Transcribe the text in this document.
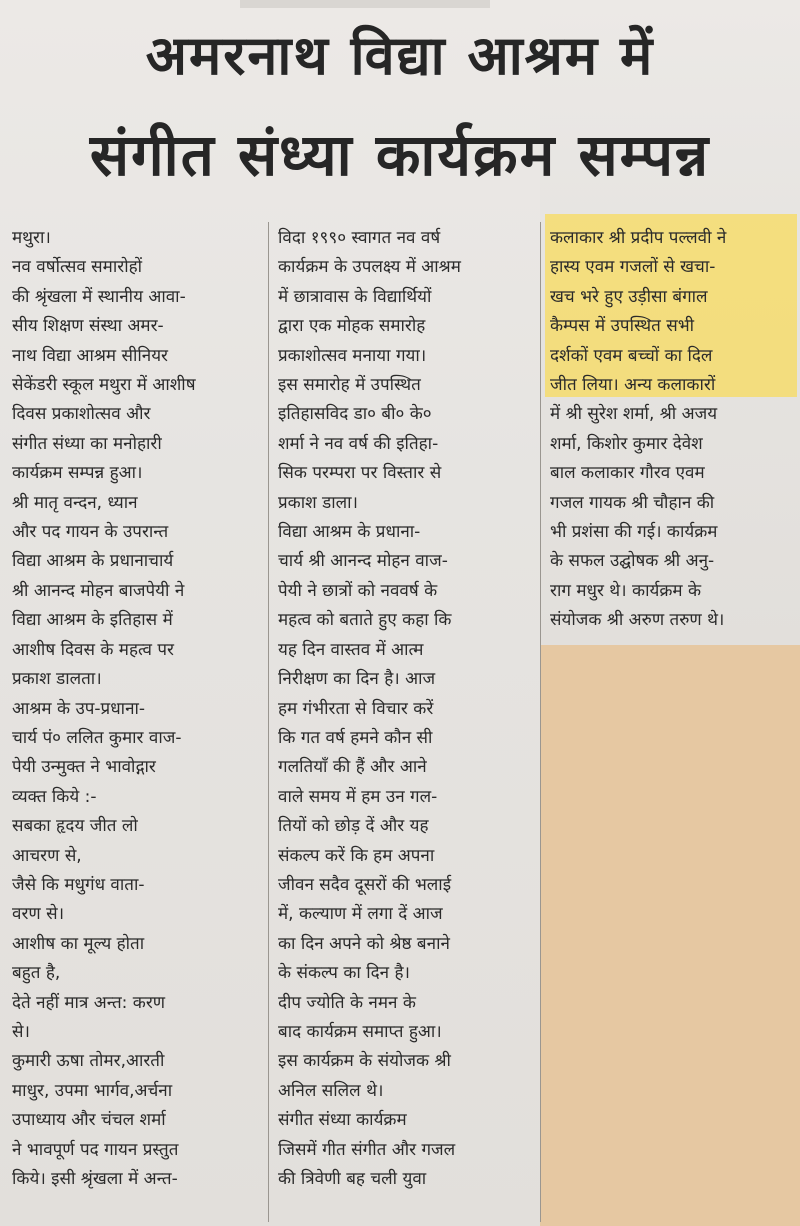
अमरनाथ विद्या आश्रम में
संगीत संध्या कार्यक्रम सम्पन्न

मथुरा।

नव वर्षोत्सव समारोहों

की श्रृंखला में स्थानीय आवा-

सीय शिक्षण संस्था अमर-

नाथ विद्या आश्रम सीनियर

सेकेंडरी स्कूल मथुरा में आशीष

दिवस प्रकाशोत्सव और

संगीत संध्या का मनोहारी

कार्यक्रम सम्पन्न हुआ।

श्री मातृ वन्दन, ध्यान

और पद गायन के उपरान्त

विद्या आश्रम के प्रधानाचार्य

श्री आनन्द मोहन बाजपेयी ने

विद्या आश्रम के इतिहास में

आशीष दिवस के महत्व पर

प्रकाश डालता।

आश्रम के उप-प्रधाना-

चार्य पं० ललित कुमार वाज-

पेयी उन्मुक्त ने भावोद्गार

व्यक्त किये :-

सबका हृदय जीत लो

आचरण से,

जैसे कि मधुगंध वाता-

वरण से।

आशीष का मूल्य होता

बहुत है,

देते नहीं मात्र अन्त: करण

से।

कुमारी ऊषा तोमर,आरती

माधुर, उपमा भार्गव,अर्चना

उपाध्याय और चंचल शर्मा

ने भावपूर्ण पद गायन प्रस्तुत

किये। इसी श्रृंखला में अन्त-

विदा १९९० स्वागत नव वर्ष

कार्यक्रम के उपलक्ष्य में आश्रम

में छात्रावास के विद्यार्थियों

द्वारा एक मोहक समारोह

प्रकाशोत्सव मनाया गया।

इस समारोह में उपस्थित

इतिहासविद डा० बी० के०

शर्मा ने नव वर्ष की इतिहा-

सिक परम्परा पर विस्तार से

प्रकाश डाला।

विद्या आश्रम के प्रधाना-

चार्य श्री आनन्द मोहन वाज-

पेयी ने छात्रों को नववर्ष के

महत्व को बताते हुए कहा कि

यह दिन वास्तव में आत्म

निरीक्षण का दिन है। आज

हम गंभीरता से विचार करें

कि गत वर्ष हमने कौन सी

गलतियाँ की हैं और आने

वाले समय में हम उन गल-

तियों को छोड़ दें और यह

संकल्प करें कि हम अपना

जीवन सदैव दूसरों की भलाई

में, कल्याण में लगा दें आज

का दिन अपने को श्रेष्ठ बनाने

के संकल्प का दिन है।

दीप ज्योति के नमन के

बाद कार्यक्रम समाप्त हुआ।

इस कार्यक्रम के संयोजक श्री

अनिल सलिल थे।

संगीत संध्या कार्यक्रम

जिसमें गीत संगीत और गजल

की त्रिवेणी बह चली युवा

कलाकार श्री प्रदीप पल्लवी ने

हास्य एवम गजलों से खचा-

खच भरे हुए उड़ीसा बंगाल

कैम्पस में उपस्थित सभी

दर्शकों एवम बच्चों का दिल

जीत लिया। अन्य कलाकारों

में श्री सुरेश शर्मा, श्री अजय

शर्मा, किशोर कुमार देवेश

बाल कलाकार गौरव एवम

गजल गायक श्री चौहान की

भी प्रशंसा की गई। कार्यक्रम

के सफल उद्घोषक श्री अनु-

राग मधुर थे। कार्यक्रम के

संयोजक श्री अरुण तरुण थे।
